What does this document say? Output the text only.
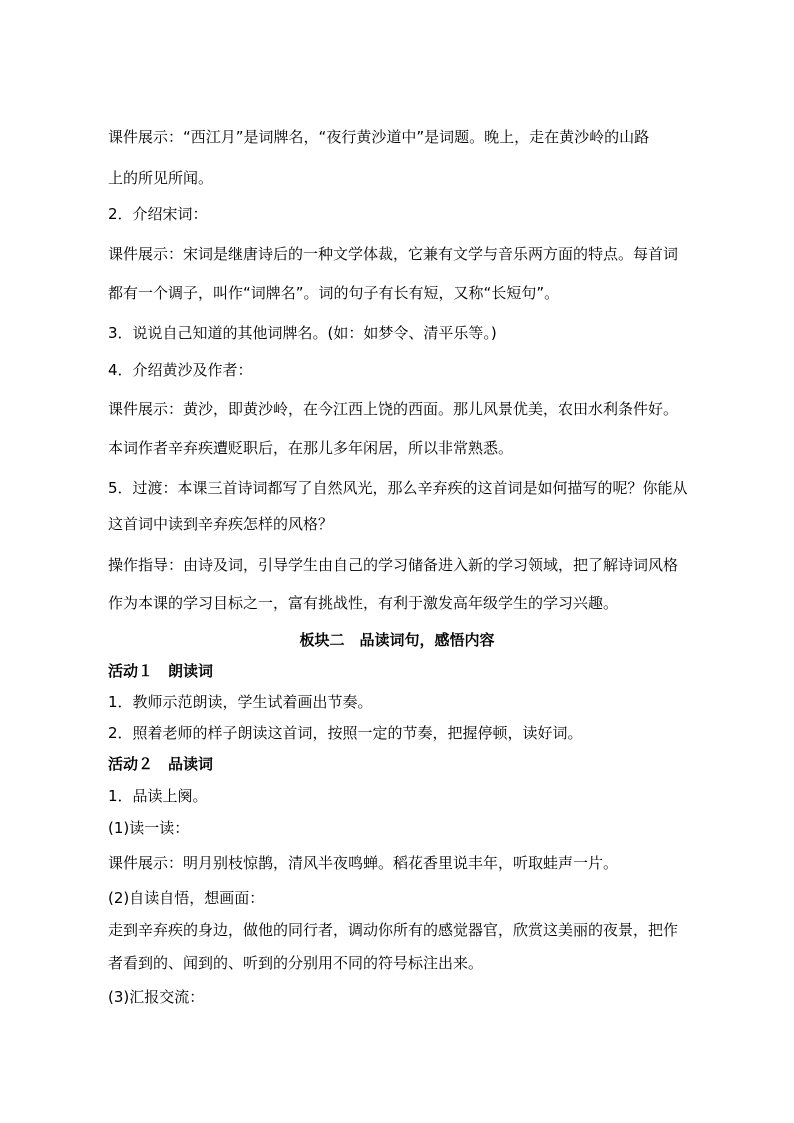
课件展示：“西江月”是词牌名，“夜行黄沙道中”是词题。晚上，走在黄沙岭的山路
上的所见所闻。
2．介绍宋词：
课件展示：宋词是继唐诗后的一种文学体裁，它兼有文学与音乐两方面的特点。每首词
都有一个调子，叫作“词牌名”。词的句子有长有短，又称“长短句”。
3．说说自己知道的其他词牌名。(如：如梦令、清平乐等。)
4．介绍黄沙及作者：
课件展示：黄沙，即黄沙岭，在今江西上饶的西面。那儿风景优美，农田水利条件好。
本词作者辛弃疾遭贬职后，在那儿多年闲居，所以非常熟悉。
5．过渡：本课三首诗词都写了自然风光，那么辛弃疾的这首词是如何描写的呢？你能从
这首词中读到辛弃疾怎样的风格？
操作指导：由诗及词，引导学生由自己的学习储备进入新的学习领域，把了解诗词风格
作为本课的学习目标之一，富有挑战性，有利于激发高年级学生的学习兴趣。
板块二　品读词句，感悟内容
活动１　朗读词
1．教师示范朗读，学生试着画出节奏。
2．照着老师的样子朗读这首词，按照一定的节奏，把握停顿，读好词。
活动２　品读词
1．品读上阕。
(1)读一读：
课件展示：明月别枝惊鹊，清风半夜鸣蝉。稻花香里说丰年，听取蛙声一片。
(2)自读自悟，想画面：
走到辛弃疾的身边，做他的同行者，调动你所有的感觉器官，欣赏这美丽的夜景，把作
者看到的、闻到的、听到的分别用不同的符号标注出来。
(3)汇报交流：
